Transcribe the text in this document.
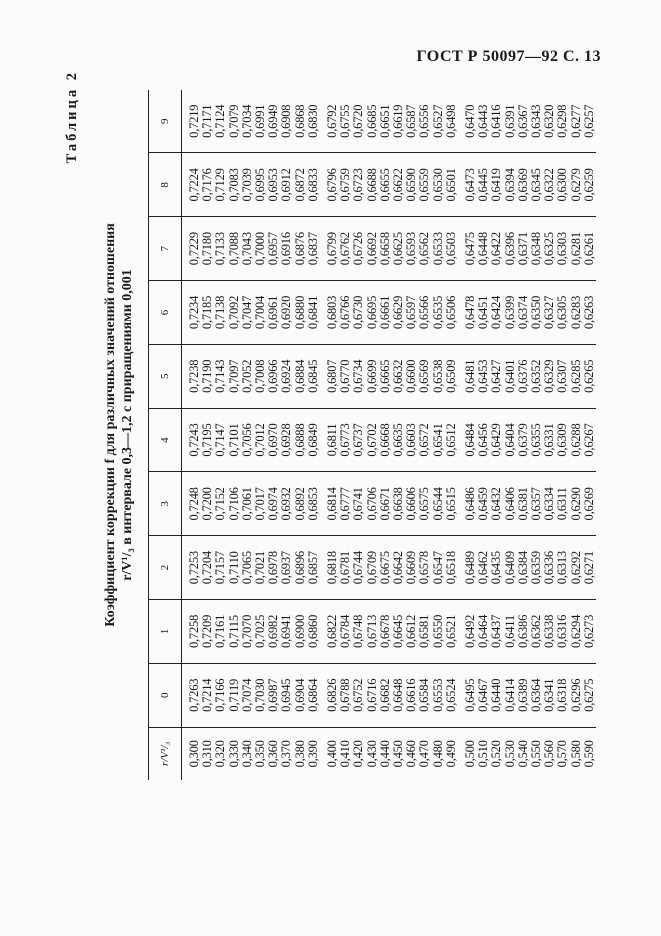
ГОСТ Р 50097—92 С. 13
Таблица 2
Коэффициент коррекции f для различных значений отношения r/V¹/₃ в интервале 0,3—1,2 с приращениями 0,001
r/V¹/₃	0	1	2	3	4	5	6	7	8	9
0,300	0,7263	0,7258	0,7253	0,7248	0,7243	0,7238	0,7234	0,7229	0,7224	0,7219
0,310	0,7214	0,7209	0,7204	0,7200	0,7195	0,7190	0,7185	0,7180	0,7176	0,7171
0,320	0,7166	0,7161	0,7157	0,7152	0,7147	0,7143	0,7138	0,7133	0,7129	0,7124
0,330	0,7119	0,7115	0,7110	0,7106	0,7101	0,7097	0,7092	0,7088	0,7083	0,7079
0,340	0,7074	0,7070	0,7065	0,7061	0,7056	0,7052	0,7047	0,7043	0,7039	0,7034
0,350	0,7030	0,7025	0,7021	0,7017	0,7012	0,7008	0,7004	0,7000	0,6995	0,6991
0,360	0,6987	0,6982	0,6978	0,6974	0,6970	0,6966	0,6961	0,6957	0,6953	0,6949
0,370	0,6945	0,6941	0,6937	0,6932	0,6928	0,6924	0,6920	0,6916	0,6912	0,6908
0,380	0,6904	0,6900	0,6896	0,6892	0,6888	0,6884	0,6880	0,6876	0,6872	0,6868
0,390	0,6864	0,6860	0,6857	0,6853	0,6849	0,6845	0,6841	0,6837	0,6833	0,6830
0,400	0,6826	0,6822	0,6818	0,6814	0,6811	0,6807	0,6803	0,6799	0,6796	0,6792
0,410	0,6788	0,6784	0,6781	0,6777	0,6773	0,6770	0,6766	0,6762	0,6759	0,6755
0,420	0,6752	0,6748	0,6744	0,6741	0,6737	0,6734	0,6730	0,6726	0,6723	0,6720
0,430	0,6716	0,6713	0,6709	0,6706	0,6702	0,6699	0,6695	0,6692	0,6688	0,6685
0,440	0,6682	0,6678	0,6675	0,6671	0,6668	0,6665	0,6661	0,6658	0,6655	0,6651
0,450	0,6648	0,6645	0,6642	0,6638	0,6635	0,6632	0,6629	0,6625	0,6622	0,6619
0,460	0,6616	0,6612	0,6609	0,6606	0,6603	0,6600	0,6597	0,6593	0,6590	0,6587
0,470	0,6584	0,6581	0,6578	0,6575	0,6572	0,6569	0,6566	0,6562	0,6559	0,6556
0,480	0,6553	0,6550	0,6547	0,6544	0,6541	0,6538	0,6535	0,6533	0,6530	0,6527
0,490	0,6524	0,6521	0,6518	0,6515	0,6512	0,6509	0,6506	0,6503	0,6501	0,6498
0,500	0,6495	0,6492	0,6489	0,6486	0,6484	0,6481	0,6478	0,6475	0,6473	0,6470
0,510	0,6467	0,6464	0,6462	0,6459	0,6456	0,6453	0,6451	0,6448	0,6445	0,6443
0,520	0,6440	0,6437	0,6435	0,6432	0,6429	0,6427	0,6424	0,6422	0,6419	0,6416
0,530	0,6414	0,6411	0,6409	0,6406	0,6404	0,6401	0,6399	0,6396	0,6394	0,6391
0,540	0,6389	0,6386	0,6384	0,6381	0,6379	0,6376	0,6374	0,6371	0,6369	0,6367
0,550	0,6364	0,6362	0,6359	0,6357	0,6355	0,6352	0,6350	0,6348	0,6345	0,6343
0,560	0,6341	0,6338	0,6336	0,6334	0,6331	0,6329	0,6327	0,6325	0,6322	0,6320
0,570	0,6318	0,6316	0,6313	0,6311	0,6309	0,6307	0,6305	0,6303	0,6300	0,6298
0,580	0,6296	0,6294	0,6292	0,6290	0,6288	0,6285	0,6283	0,6281	0,6279	0,6277
0,590	0,6275	0,6273	0,6271	0,6269	0,6267	0,6265	0,6263	0,6261	0,6259	0,6257
